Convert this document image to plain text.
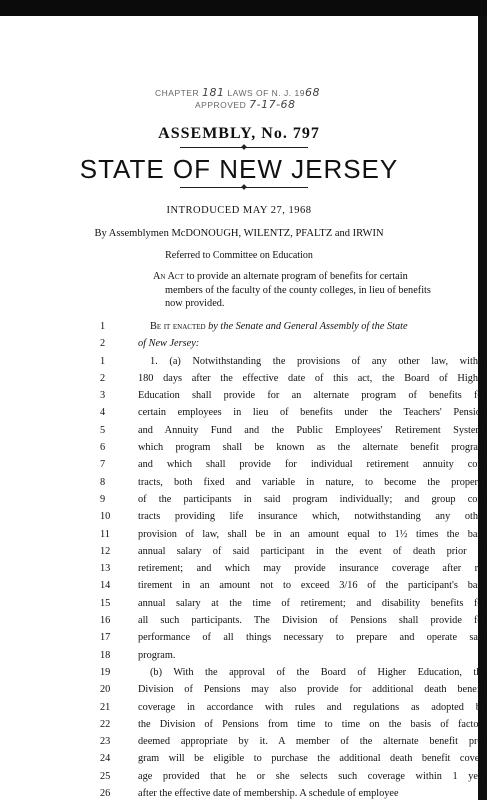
CHAPTER 181 LAWS OF N. J. 1968
APPROVED 7-17-68
ASSEMBLY, No. 797
STATE OF NEW JERSEY
INTRODUCED MAY 27, 1968
By Assemblymen McDONOUGH, WILENTZ, PFALTZ and IRWIN
Referred to Committee on Education

An Act to provide an alternate program of benefits for certain

members of the faculty of the county colleges, in lieu of benefits

now provided.

1	Be it enacted by the Senate and General Assembly of the State
2	of New Jersey:
1	1. (a) Notwithstanding the provisions of any other law, within
2	180 days after the effective date of this act, the Board of Higher
3	Education shall provide for an alternate program of benefits for
4	certain employees in lieu of benefits under the Teachers' Pension
5	and Annuity Fund and the Public Employees' Retirement System,
6	which program shall be known as the alternate benefit program
7	and which shall provide for individual retirement annuity con-
8	tracts, both fixed and variable in nature, to become the property
9	of the participants in said program individually; and group con-
10	tracts providing life insurance which, notwithstanding any other
11	provision of law, shall be in an amount equal to 1½ times the base
12	annual salary of said participant in the event of death prior to
13	retirement; and which may provide insurance coverage after re-
14	tirement in an amount not to exceed 3/16 of the participant's base
15	annual salary at the time of retirement; and disability benefits for
16	all such participants. The Division of Pensions shall provide for
17	performance of all things necessary to prepare and operate said
18	program.
19	(b) With the approval of the Board of Higher Education, the
20	Division of Pensions may also provide for additional death benefit
21	coverage in accordance with rules and regulations as adopted by
22	the Division of Pensions from time to time on the basis of factors
23	deemed appropriate by it. A member of the alternate benefit pro-
24	gram will be eligible to purchase the additional death benefit cover-
25	age provided that he or she selects such coverage within 1 year
26	after the effective date of membership. A schedule of employee
